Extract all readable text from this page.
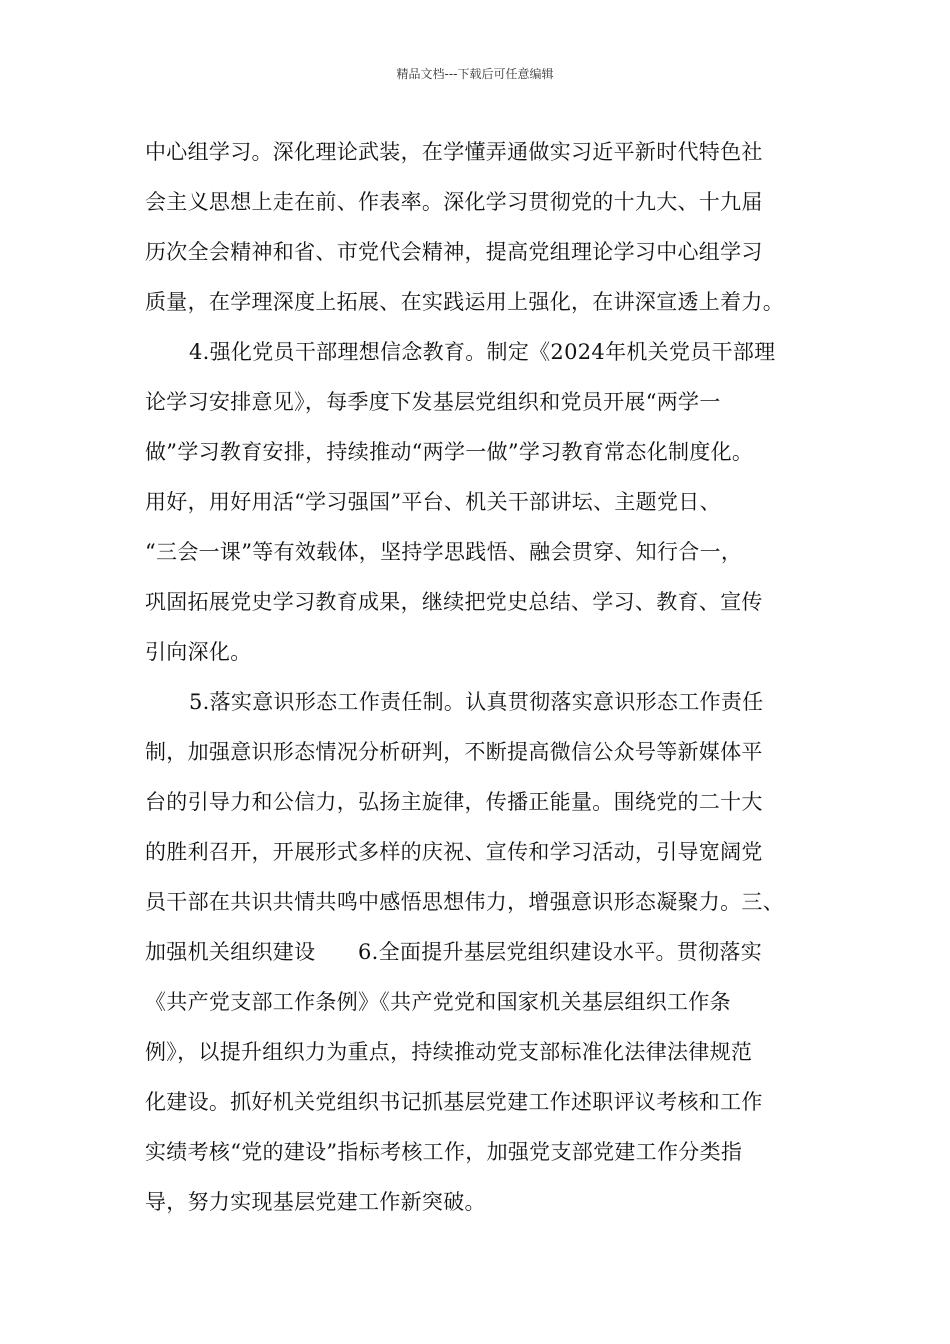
精品文档---下载后可任意编辑
中心组学习。深化理论武装，在学懂弄通做实习近平新时代特色社
会主义思想上走在前、作表率。深化学习贯彻党的十九大、十九届
历次全会精神和省、市党代会精神，提高党组理论学习中心组学习
质量，在学理深度上拓展、在实践运用上强化，在讲深宣透上着力。
4.强化党员干部理想信念教育。制定《2024年机关党员干部理
论学习安排意见》，每季度下发基层党组织和党员开展“两学一
做”学习教育安排，持续推动“两学一做”学习教育常态化制度化。
用好，用好用活“学习强国”平台、机关干部讲坛、主题党日、
“三会一课”等有效载体，坚持学思践悟、融会贯穿、知行合一，
巩固拓展党史学习教育成果，继续把党史总结、学习、教育、宣传
引向深化。
5.落实意识形态工作责任制。认真贯彻落实意识形态工作责任
制，加强意识形态情况分析研判，不断提高微信公众号等新媒体平
台的引导力和公信力，弘扬主旋律，传播正能量。围绕党的二十大
的胜利召开，开展形式多样的庆祝、宣传和学习活动，引导宽阔党
员干部在共识共情共鸣中感悟思想伟力，增强意识形态凝聚力。三、
加强机关组织建设　　6.全面提升基层党组织建设水平。贯彻落实
《共产党支部工作条例》《共产党党和国家机关基层组织工作条
例》，以提升组织力为重点，持续推动党支部标准化法律法律规范
化建设。抓好机关党组织书记抓基层党建工作述职评议考核和工作
实绩考核“党的建设”指标考核工作，加强党支部党建工作分类指
导，努力实现基层党建工作新突破。
